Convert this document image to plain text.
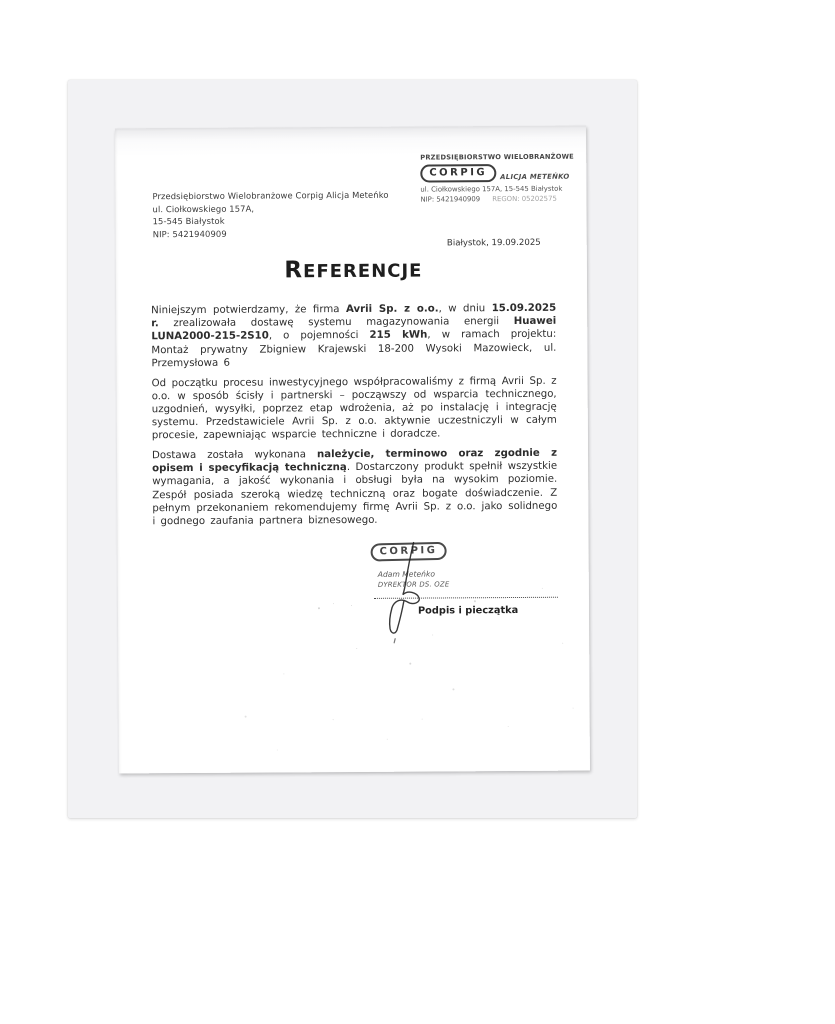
PRZEDSIĘBIORSTWO WIELOBRANŻOWE
CORPIG	ALICJA METEŃKO
ul. Ciołkowskiego 157A, 15-545 Białystok
NIP: 5421940909 REGON: 05202575
Przedsiębiorstwo Wielobranżowe Corpig Alicja Meteńko
ul. Ciołkowskiego 157A,
15-545 Białystok
NIP: 5421940909
Białystok, 19.09.2025
REFERENCJE

Niniejszym potwierdzamy, że firma Avrii Sp. z o.o., w dniu 15.09.2025 r. zrealizowała dostawę systemu magazynowania energii Huawei LUNA2000-215-2S10, o pojemności 215 kWh, w ramach projektu: Montaż prywatny Zbigniew Krajewski 18-200 Wysoki Mazowieck, ul. Przemysłowa 6

Od początku procesu inwestycyjnego współpracowaliśmy z firmą Avrii Sp. z o.o. w sposób ścisły i partnerski – począwszy od wsparcia technicznego, uzgodnień, wysyłki, poprzez etap wdrożenia, aż po instalację i integrację systemu. Przedstawiciele Avrii Sp. z o.o. aktywnie uczestniczyli w całym procesie, zapewniając wsparcie techniczne i doradcze.

Dostawa została wykonana należycie, terminowo oraz zgodnie z opisem i specyfikacją techniczną. Dostarczony produkt spełnił wszystkie wymagania, a jakość wykonania i obsługi była na wysokim poziomie. Zespół posiada szeroką wiedzę techniczną oraz bogate doświadczenie. Z pełnym przekonaniem rekomendujemy firmę Avrii Sp. z o.o. jako solidnego i godnego zaufania partnera biznesowego.

CORPIG
Adam Meteńko
DYREKTOR DS. OZE
Podpis i pieczątka
